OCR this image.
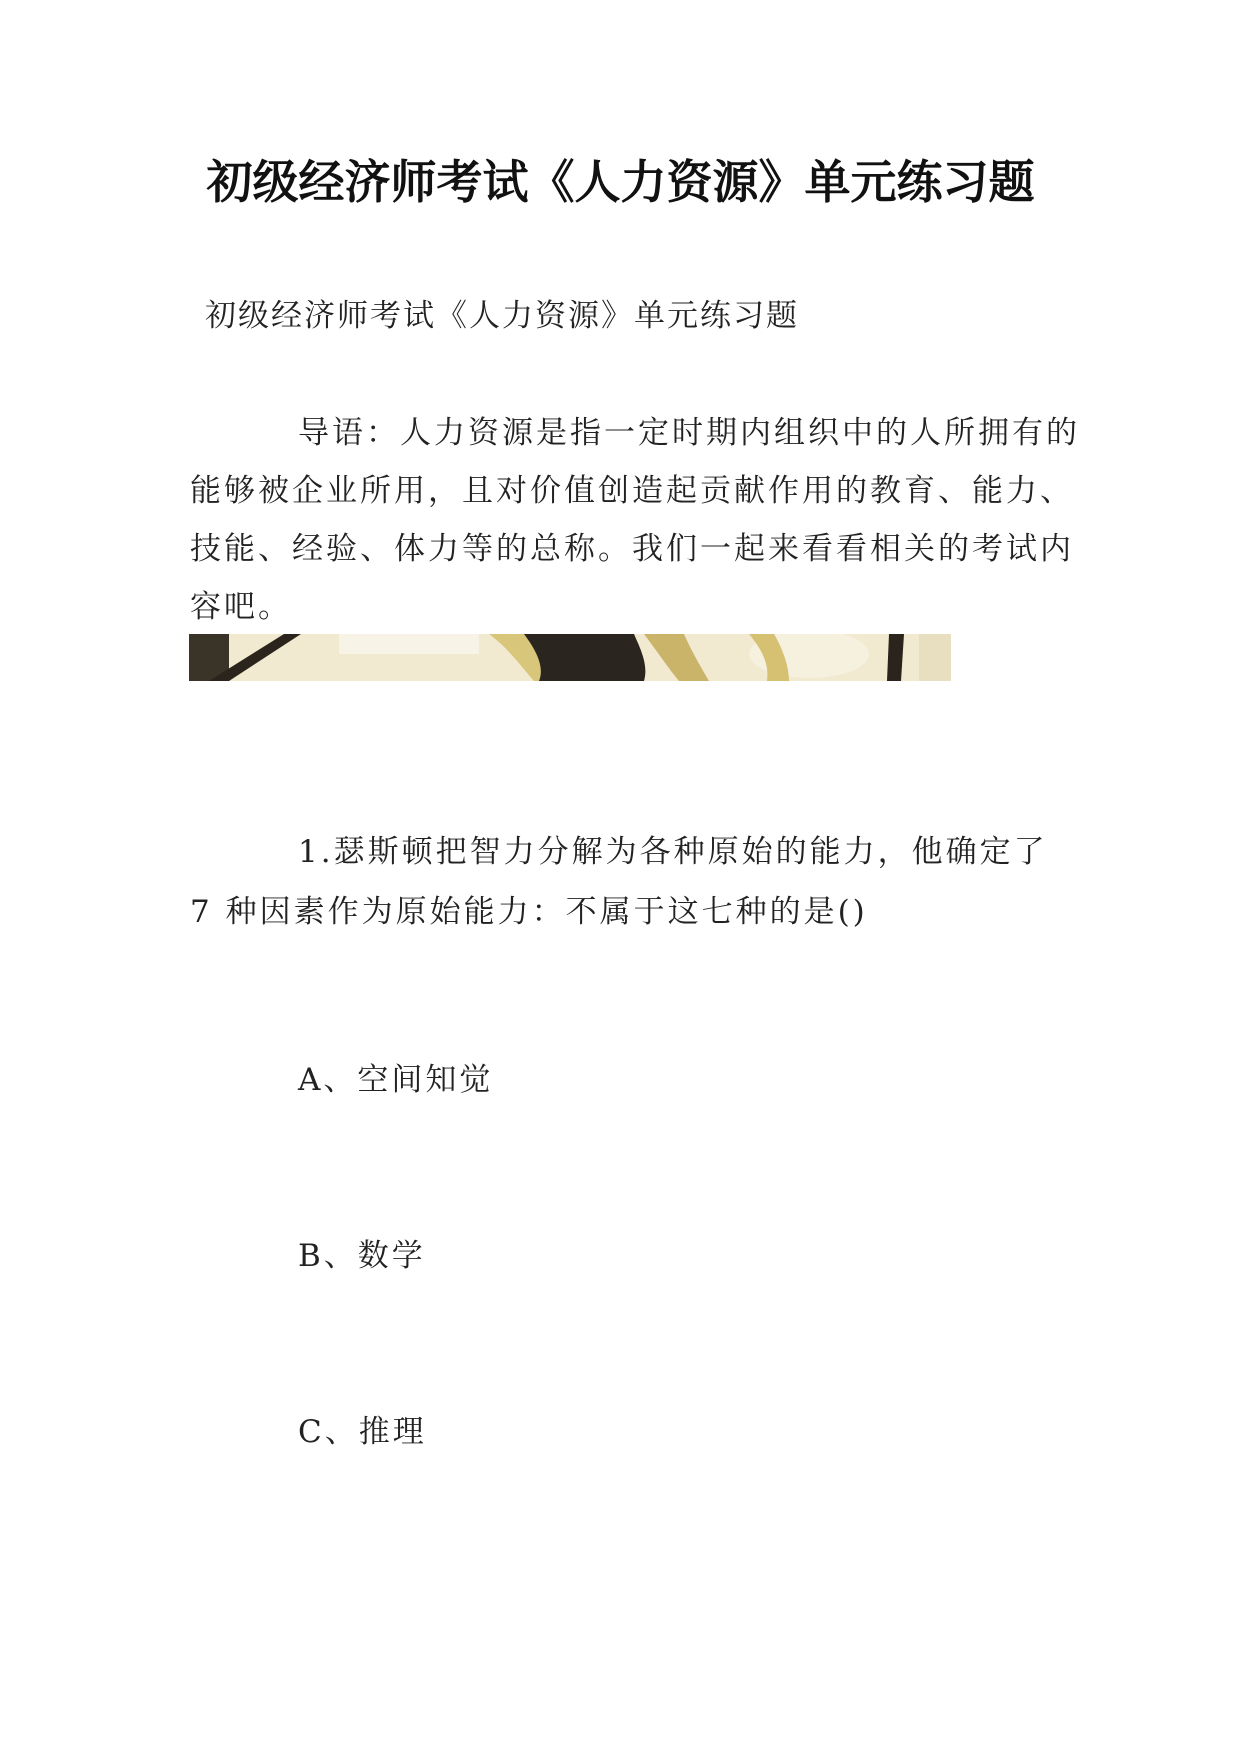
初级经济师考试《人力资源》单元练习题
初级经济师考试《人力资源》单元练习题

导语：人力资源是指一定时期内组织中的人所拥有的能够被企业所用，且对价值创造起贡献作用的教育、能力、技能、经验、体力等的总称。我们一起来看看相关的考试内容吧。

1.瑟斯顿把智力分解为各种原始的能力，他确定了 7 种因素作为原始能力：不属于这七种的是()

A、空间知觉
B、数学
C、推理
